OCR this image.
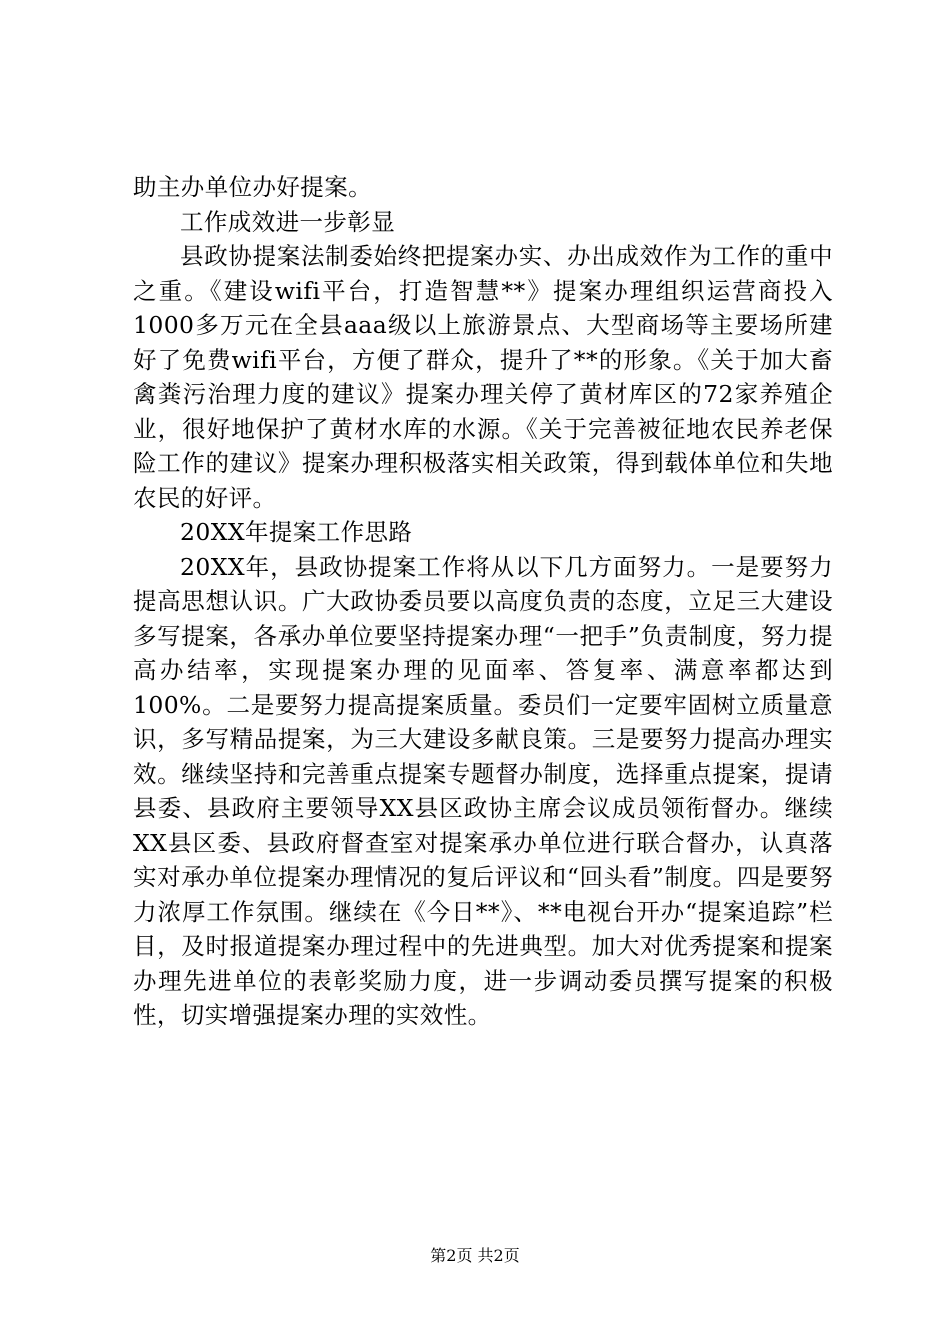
助主办单位办好提案。

工作成效进一步彰显

县政协提案法制委始终把提案办实、办出成效作为工作的重中之重。《建设wifi平台，打造智慧**》提案办理组织运营商投入1000多万元在全县aaa级以上旅游景点、大型商场等主要场所建好了免费wifi平台，方便了群众，提升了**的形象。《关于加大畜禽粪污治理力度的建议》提案办理关停了黄材库区的72家养殖企业，很好地保护了黄材水库的水源。《关于完善被征地农民养老保险工作的建议》提案办理积极落实相关政策，得到载体单位和失地农民的好评。

20XX年提案工作思路

20XX年，县政协提案工作将从以下几方面努力。一是要努力提高思想认识。广大政协委员要以高度负责的态度，立足三大建设多写提案，各承办单位要坚持提案办理“一把手”负责制度，努力提高办结率，实现提案办理的见面率、答复率、满意率都达到100%。二是要努力提高提案质量。委员们一定要牢固树立质量意识，多写精品提案，为三大建设多献良策。三是要努力提高办理实效。继续坚持和完善重点提案专题督办制度，选择重点提案，提请县委、县政府主要领导XX县区政协主席会议成员领衔督办。继续XX县区委、县政府督查室对提案承办单位进行联合督办，认真落实对承办单位提案办理情况的复后评议和“回头看”制度。四是要努力浓厚工作氛围。继续在《今日**》、**电视台开办“提案追踪”栏目，及时报道提案办理过程中的先进典型。加大对优秀提案和提案办理先进单位的表彰奖励力度，进一步调动委员撰写提案的积极性，切实增强提案办理的实效性。

第2页 共2页
